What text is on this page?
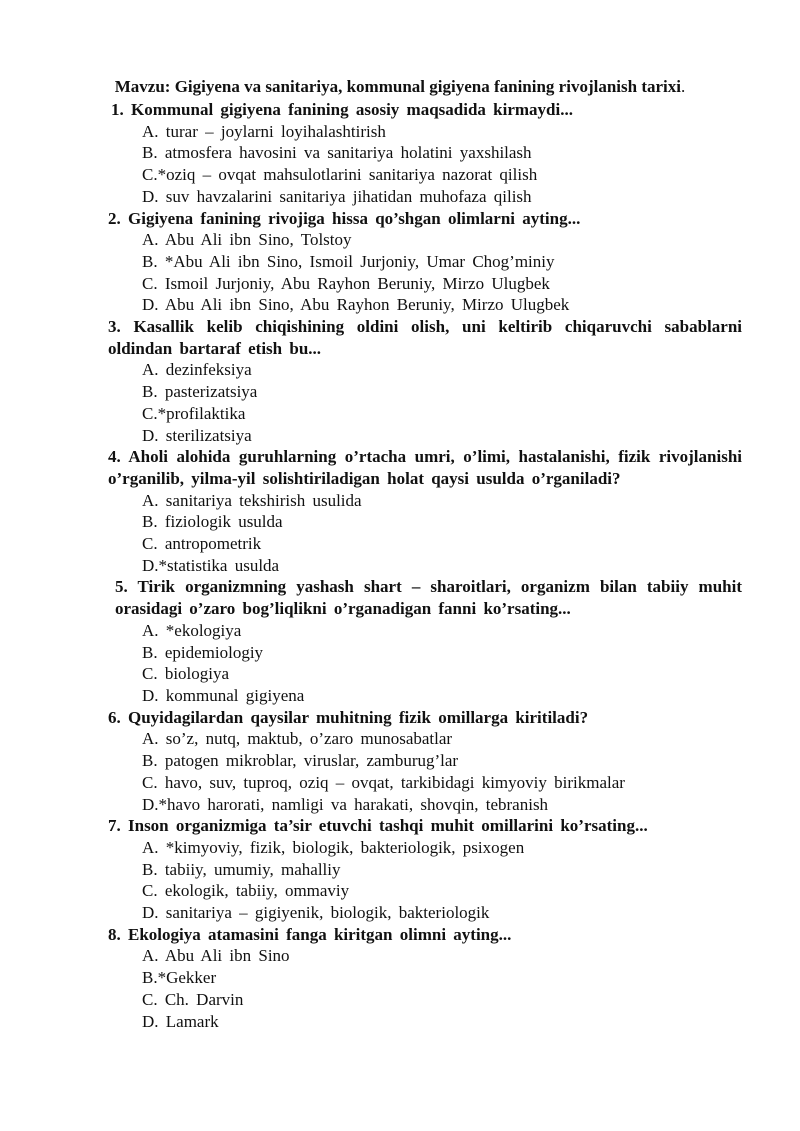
Mavzu: Gigiyena va sanitariya, kommunal gigiyena fanining rivojlanish tarixi.
1. Kommunal gigiyena fanining asosiy maqsadida kirmaydi...
A. turar – joylarni loyihalashtirish
B. atmosfera havosini va sanitariya holatini yaxshilash
C.*oziq – ovqat mahsulotlarini sanitariya nazorat qilish
D. suv havzalarini sanitariya jihatidan muhofaza qilish
2. Gigiyena fanining rivojiga hissa qo’shgan olimlarni ayting...
A. Abu Ali ibn Sino, Tolstoy
B. *Abu Ali ibn Sino, Ismoil Jurjoniy, Umar Chog’miniy
C. Ismoil Jurjoniy, Abu Rayhon Beruniy, Mirzo Ulugbek
D. Abu Ali ibn Sino, Abu Rayhon Beruniy, Mirzo Ulugbek
3. Kasallik kelib chiqishining oldini olish, uni keltirib chiqaruvchi sabablarni oldindan bartaraf etish bu...
A. dezinfeksiya
B. pasterizatsiya
C.*profilaktika
D. sterilizatsiya
4. Aholi alohida guruhlarning o’rtacha umri, o’limi, hastalanishi, fizik rivojlanishi o’rganilib, yilma-yil solishtiriladigan holat qaysi usulda o’rganiladi?
A. sanitariya tekshirish usulida
B. fiziologik usulda
C. antropometrik
D.*statistika usulda
5. Tirik organizmning yashash shart – sharoitlari, organizm bilan tabiiy muhit orasidagi o’zaro bog’liqlikni o’rganadigan fanni ko’rsating...
A. *ekologiya
B. epidemiologiy
C. biologiya
D. kommunal gigiyena
6. Quyidagilardan qaysilar muhitning fizik omillarga kiritiladi?
A. so’z, nutq, maktub, o’zaro munosabatlar
B. patogen mikroblar, viruslar, zamburug’lar
C. havo, suv, tuproq, oziq – ovqat, tarkibidagi kimyoviy birikmalar
D.*havo harorati, namligi va harakati, shovqin, tebranish
7. Inson organizmiga ta’sir etuvchi tashqi muhit omillarini ko’rsating...
A. *kimyoviy, fizik, biologik, bakteriologik, psixogen
B. tabiiy, umumiy, mahalliy
C. ekologik, tabiiy, ommaviy
D. sanitariya – gigiyenik, biologik, bakteriologik
8. Ekologiya atamasini fanga kiritgan olimni ayting...
A. Abu Ali ibn Sino
B.*Gekker
C. Ch. Darvin
D. Lamark
